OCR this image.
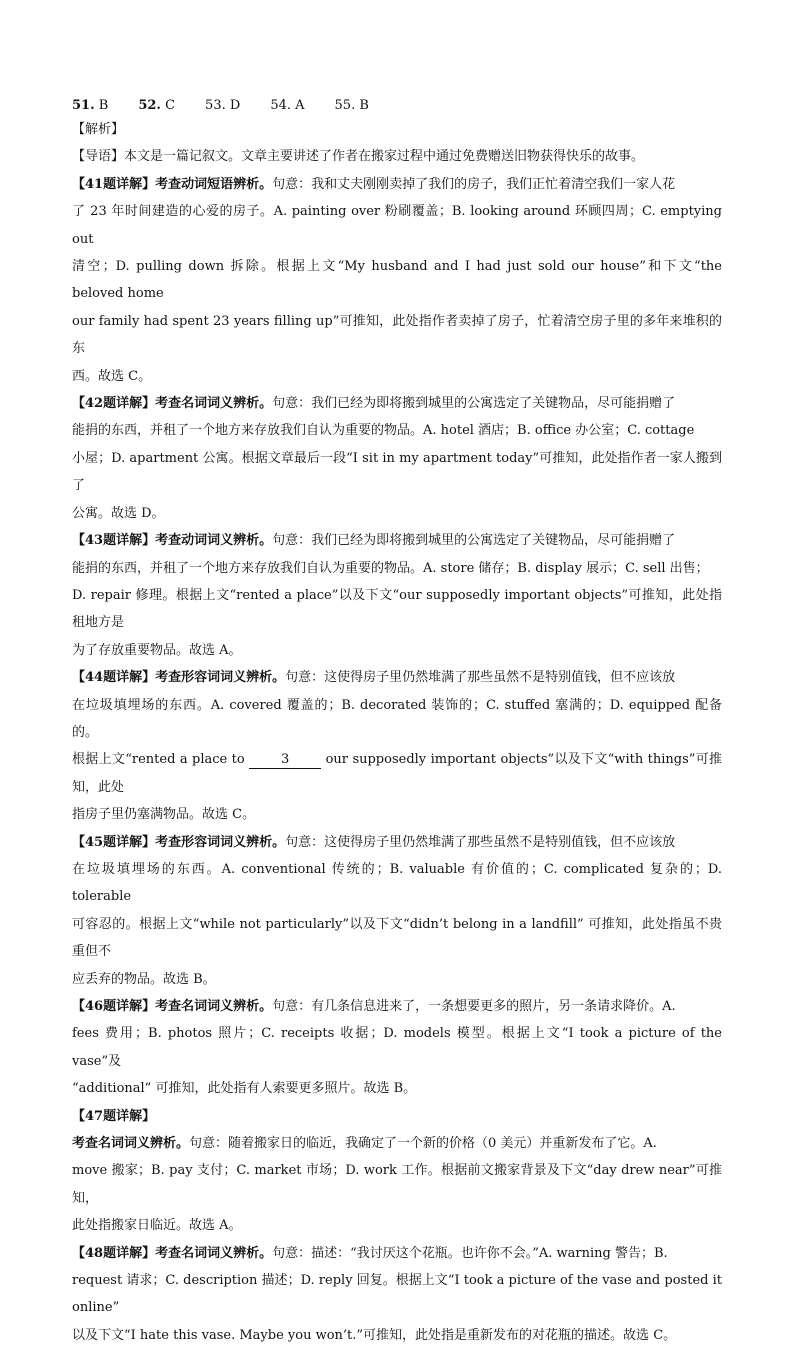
51. B 52. C 53. D 54. A 55. B

【解析】

【导语】本文是一篇记叙文。文章主要讲述了作者在搬家过程中通过免费赠送旧物获得快乐的故事。

【41题详解】考查动词短语辨析。句意：我和丈夫刚刚卖掉了我们的房子，我们正忙着清空我们一家人花

了 23 年时间建造的心爱的房子。A. painting over 粉刷覆盖；B. looking around 环顾四周；C. emptying out

清空；D. pulling down 拆除。根据上文“My husband and I had just sold our house”和下文“the beloved home

our family had spent 23 years filling up”可推知，此处指作者卖掉了房子，忙着清空房子里的多年来堆积的东

西。故选 C。

【42题详解】考查名词词义辨析。句意：我们已经为即将搬到城里的公寓选定了关键物品，尽可能捐赠了

能捐的东西，并租了一个地方来存放我们自认为重要的物品。A. hotel 酒店；B. office 办公室；C. cottage

小屋；D. apartment 公寓。根据文章最后一段“I sit in my apartment today”可推知，此处指作者一家人搬到了

公寓。故选 D。

【43题详解】考查动词词义辨析。句意：我们已经为即将搬到城里的公寓选定了关键物品，尽可能捐赠了

能捐的东西，并租了一个地方来存放我们自认为重要的物品。A. store 储存；B. display 展示；C. sell 出售；

D. repair 修理。根据上文“rented a place”以及下文“our supposedly important objects”可推知，此处指租地方是

为了存放重要物品。故选 A。

【44题详解】考查形容词词义辨析。句意：这使得房子里仍然堆满了那些虽然不是特别值钱，但不应该放

在垃圾填埋场的东西。A. covered 覆盖的；B. decorated 装饰的；C. stuffed 塞满的；D. equipped 配备的。

根据上文“rented a place to 3 our supposedly important objects”以及下文“with things”可推知，此处

指房子里仍塞满物品。故选 C。

【45题详解】考查形容词词义辨析。句意：这使得房子里仍然堆满了那些虽然不是特别值钱，但不应该放

在垃圾填埋场的东西。A. conventional 传统的；B. valuable 有价值的；C. complicated 复杂的；D. tolerable

可容忍的。根据上文“while not particularly”以及下文“didn’t belong in a landfill” 可推知，此处指虽不贵重但不

应丢弃的物品。故选 B。

【46题详解】考查名词词义辨析。句意：有几条信息进来了，一条想要更多的照片，另一条请求降价。A.

fees 费用；B. photos 照片；C. receipts 收据；D. models 模型。根据上文“I took a picture of the vase”及

“additional” 可推知，此处指有人索要更多照片。故选 B。

【47题详解】

考查名词词义辨析。句意：随着搬家日的临近，我确定了一个新的价格（0 美元）并重新发布了它。A.

move 搬家；B. pay 支付；C. market 市场；D. work 工作。根据前文搬家背景及下文“day drew near”可推知，

此处指搬家日临近。故选 A。

【48题详解】考查名词词义辨析。句意：描述：“我讨厌这个花瓶。也许你不会。”A. warning 警告；B.

request 请求；C. description 描述；D. reply 回复。根据上文“I took a picture of the vase and posted it online”

以及下文“I hate this vase. Maybe you won’t.”可推知，此处指是重新发布的对花瓶的描述。故选 C。
